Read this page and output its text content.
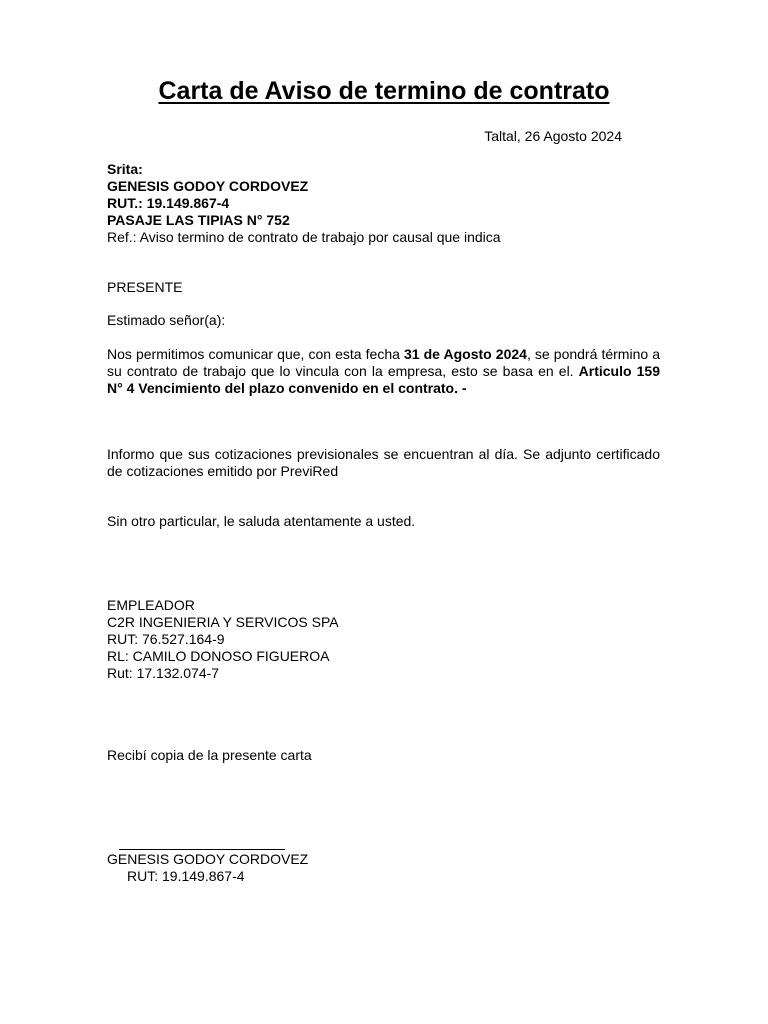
Carta de Aviso de termino de contrato
Taltal, 26 Agosto 2024
Srita:
GENESIS GODOY CORDOVEZ
RUT.: 19.149.867-4
PASAJE LAS TIPIAS N° 752
Ref.: Aviso termino de contrato de trabajo por causal que indica
PRESENTE
Estimado señor(a):
Nos permitimos comunicar que, con esta fecha 31 de Agosto 2024, se pondrá término a su contrato de trabajo que lo vincula con la empresa, esto se basa en el. Articulo 159 N° 4 Vencimiento del plazo convenido en el contrato. -
Informo que sus cotizaciones previsionales se encuentran al día. Se adjunto certificado de cotizaciones emitido por PreviRed
Sin otro particular, le saluda atentamente a usted.
EMPLEADOR
C2R INGENIERIA Y SERVICOS SPA
RUT: 76.527.164-9
RL: CAMILO DONOSO FIGUEROA
Rut: 17.132.074-7
Recibí copia de la presente carta
GENESIS GODOY CORDOVEZ
RUT: 19.149.867-4
